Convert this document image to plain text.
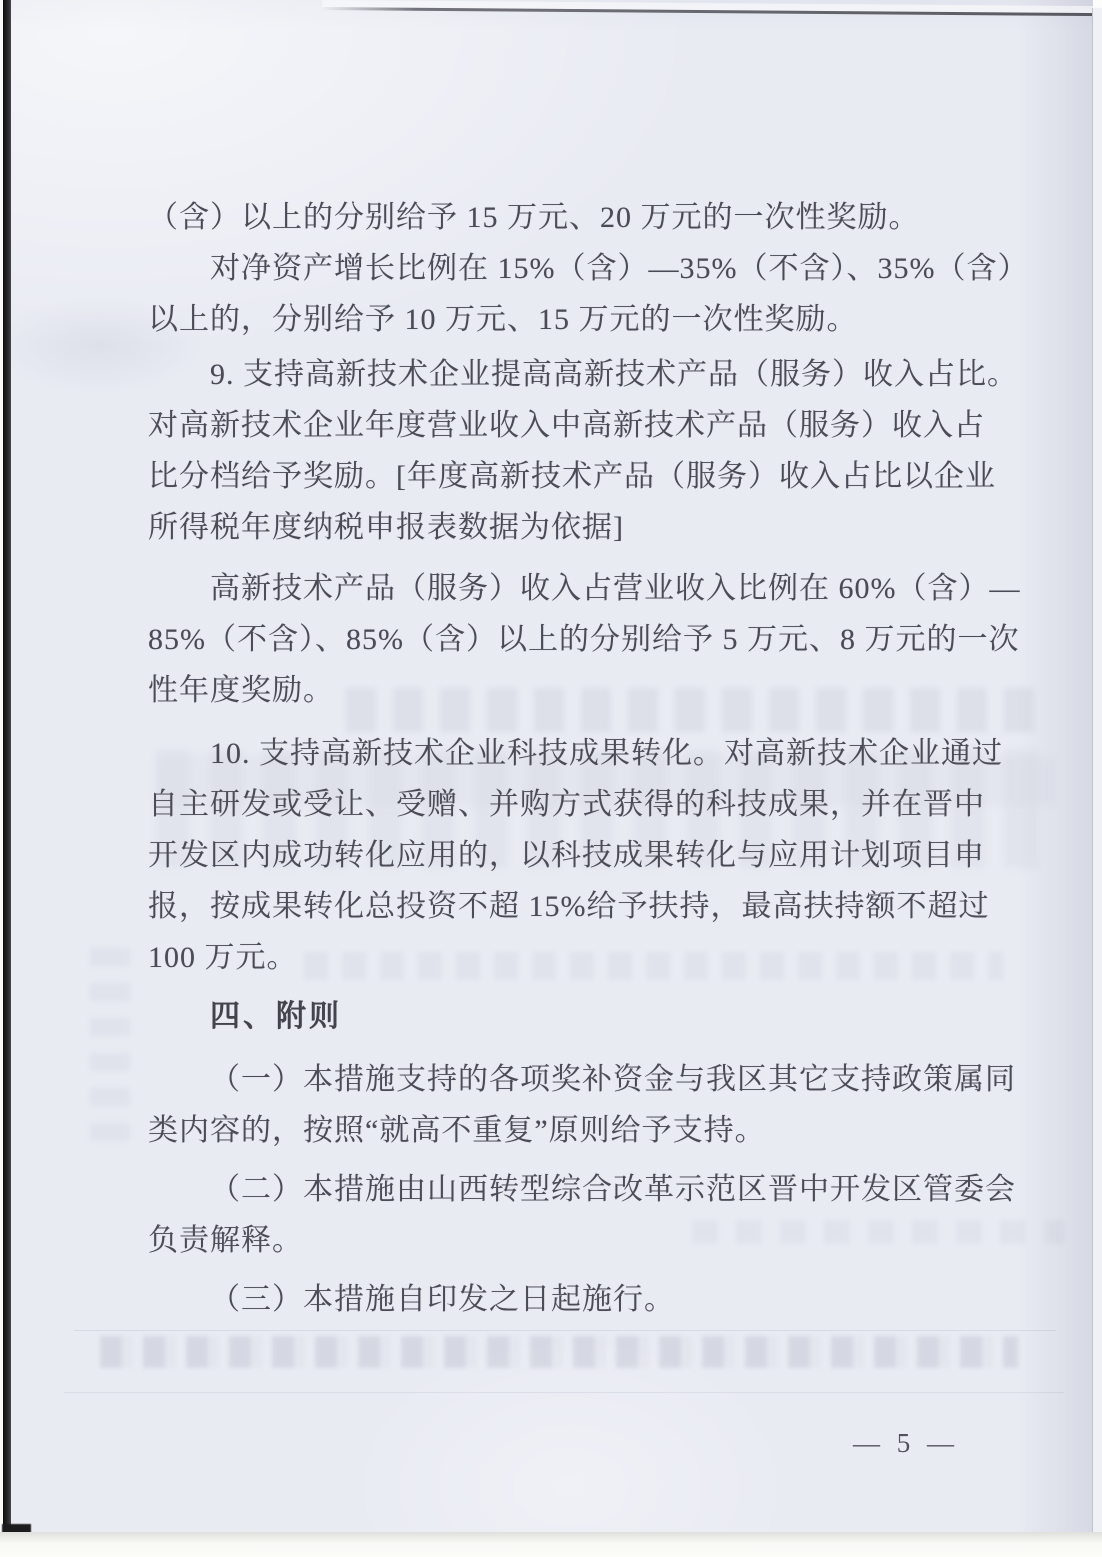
（含）以上的分别给予 15 万元、20 万元的一次性奖励。
对净资产增长比例在 15%（含）—35%（不含）、35%（含）
以上的，分别给予 10 万元、15 万元的一次性奖励。
9. 支持高新技术企业提高高新技术产品（服务）收入占比。
对高新技术企业年度营业收入中高新技术产品（服务）收入占
比分档给予奖励。[年度高新技术产品（服务）收入占比以企业
所得税年度纳税申报表数据为依据]
高新技术产品（服务）收入占营业收入比例在 60%（含）—
85%（不含）、85%（含）以上的分别给予 5 万元、8 万元的一次
性年度奖励。
10. 支持高新技术企业科技成果转化。对高新技术企业通过
自主研发或受让、受赠、并购方式获得的科技成果，并在晋中
开发区内成功转化应用的，以科技成果转化与应用计划项目申
报，按成果转化总投资不超 15%给予扶持，最高扶持额不超过
100 万元。
四、附则
（一）本措施支持的各项奖补资金与我区其它支持政策属同
类内容的，按照“就高不重复”原则给予支持。
（二）本措施由山西转型综合改革示范区晋中开发区管委会
负责解释。
（三）本措施自印发之日起施行。
— 5 —
